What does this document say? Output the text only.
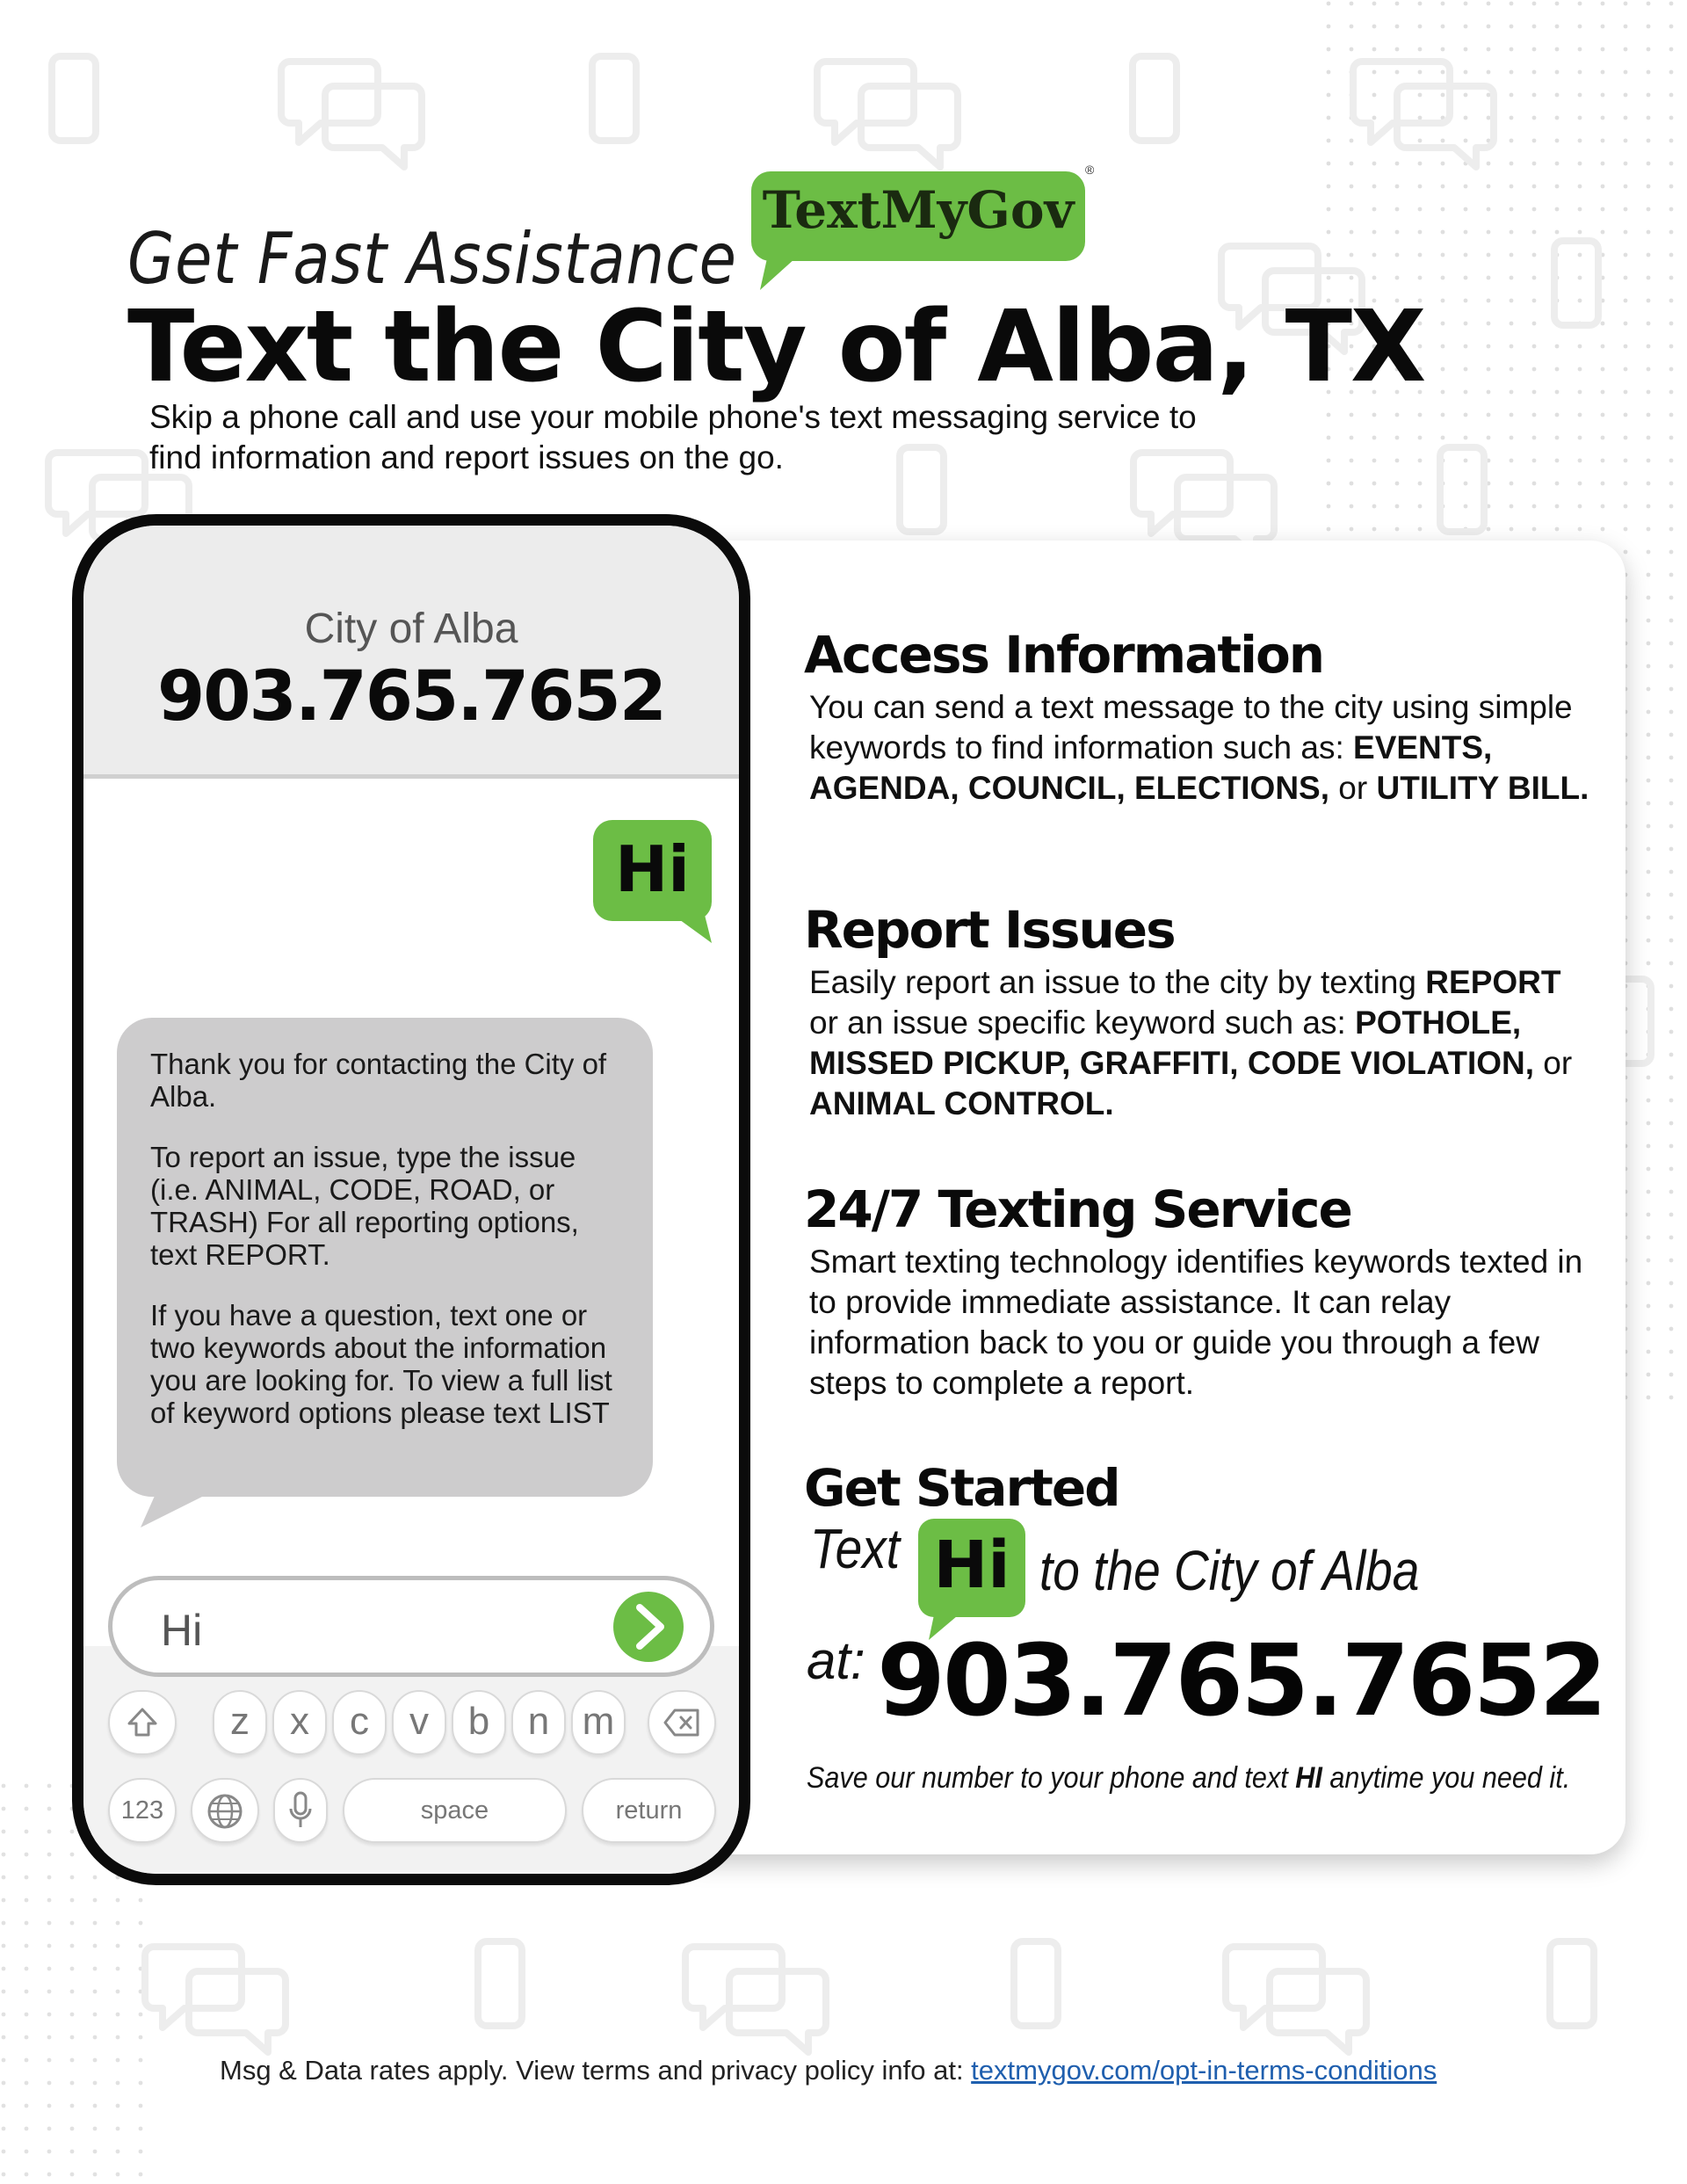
Get Fast Assistance
TextMyGov
®
Text the City of Alba, TX
Skip a phone call and use your mobile phone's text messaging service to
find information and report issues on the go.
Access Information

You can send a text message to the city using simple keywords to find information such as: EVENTS, AGENDA, COUNCIL, ELECTIONS, or UTILITY BILL.

Report Issues

Easily report an issue to the city by texting REPORT or an issue specific keyword such as: POTHOLE, MISSED PICKUP, GRAFFITI, CODE VIOLATION, or ANIMAL CONTROL.

24/7 Texting Service

Smart texting technology identifies keywords texted in to provide immediate assistance. It can relay information back to you or guide you through a few steps to complete a report.

Get Started
Text Hi to the City of Alba
at: 903.765.7652
Save our number to your phone and text HI anytime you need it.
City of Alba
903.765.7652
Hi

Thank you for contacting the City of Alba.

To report an issue, type the issue (i.e. ANIMAL, CODE, ROAD, or TRASH) For all reporting options, text REPORT.

If you have a question, text one or two keywords about the information you are looking for. To view a full list of keyword options please text LIST

Hi
z	x	c	v	b n m
123	space	return
Msg & Data rates apply. View terms and privacy policy info at: textmygov.com/opt-in-terms-conditions
